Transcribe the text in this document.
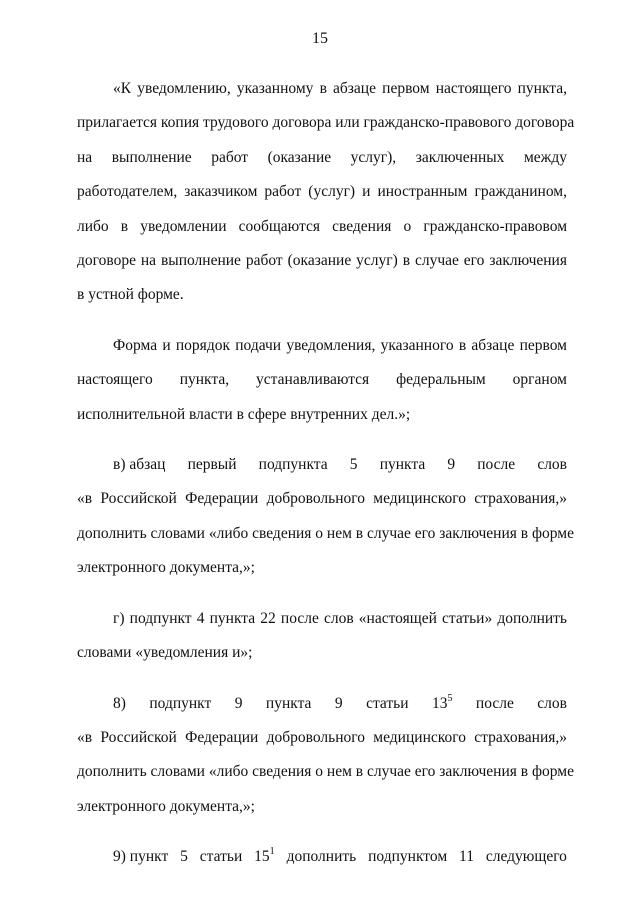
15
«К уведомлению, указанному в абзаце первом настоящего пункта,
прилагается копия трудового договора или гражданско-правового договора
на выполнение работ (оказание услуг), заключенных между
работодателем, заказчиком работ (услуг) и иностранным гражданином,
либо в уведомлении сообщаются сведения о гражданско-правовом
договоре на выполнение работ (оказание услуг) в случае его заключения
в устной форме.
Форма и порядок подачи уведомления, указанного в абзаце первом
настоящего пункта, устанавливаются федеральным органом
исполнительной власти в сфере внутренних дел.»;
в) абзац первый подпункта 5 пункта 9 после слов
«в Российской Федерации добровольного медицинского страхования,»
дополнить словами «либо сведения о нем в случае его заключения в форме
электронного документа,»;
г) подпункт 4 пункта 22 после слов «настоящей статьи» дополнить
словами «уведомления и»;
8) подпункт 9 пункта 9 статьи $13^5$ после слов
«в Российской Федерации добровольного медицинского страхования,»
дополнить словами «либо сведения о нем в случае его заключения в форме
электронного документа,»;
9) пункт 5 статьи $15^1$ дополнить подпунктом 11 следующего
